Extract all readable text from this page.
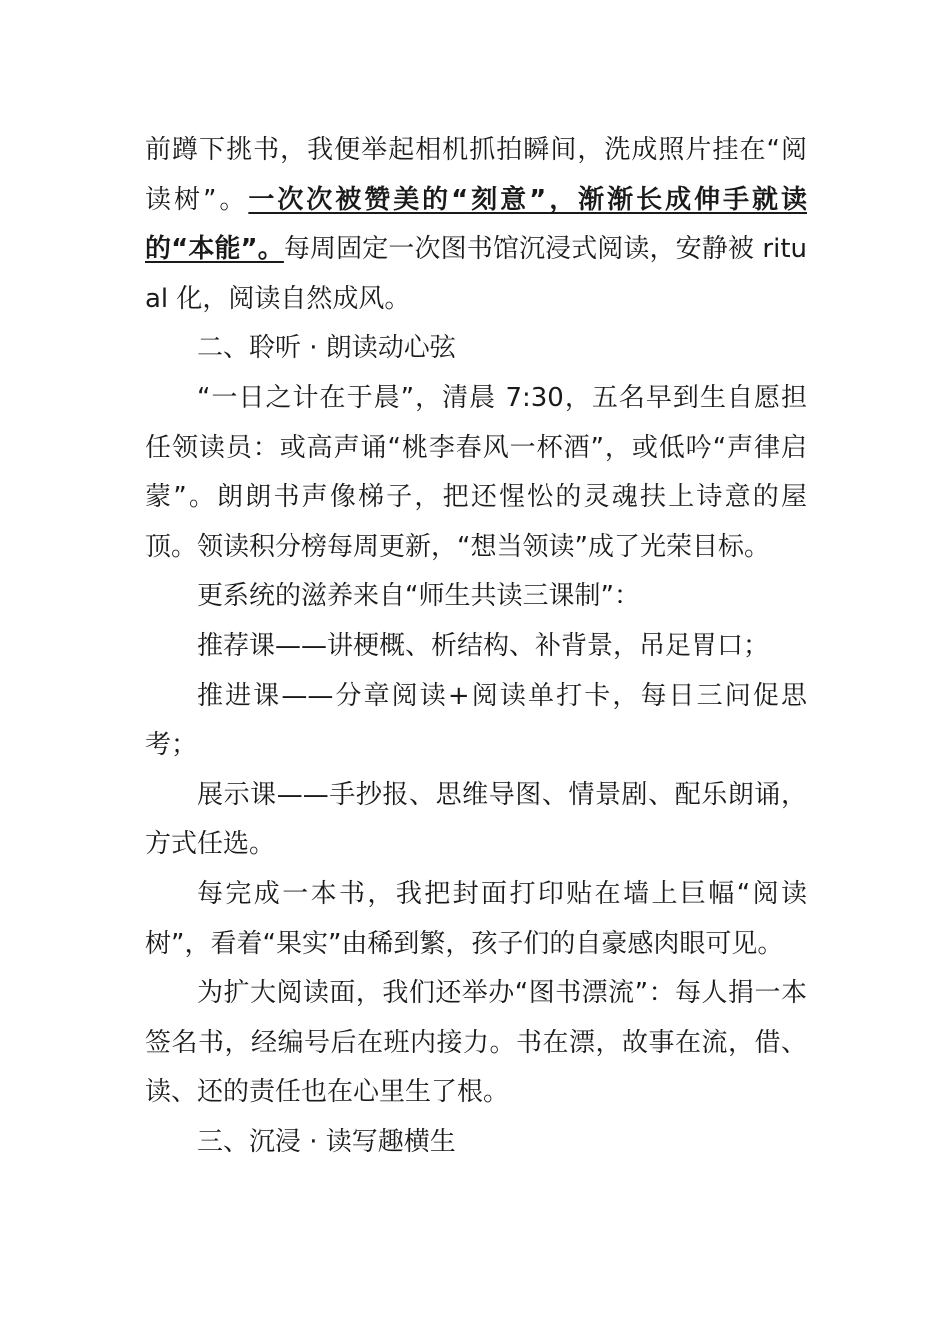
前蹲下挑书，我便举起相机抓拍瞬间，洗成照片挂在“阅读树”。一次次被赞美的“刻意”，渐渐长成伸手就读的“本能”。每周固定一次图书馆沉浸式阅读，安静被 ritual 化，阅读自然成风。

二、聆听 · 朗读动心弦

“一日之计在于晨”，清晨 7:30，五名早到生自愿担任领读员：或高声诵“桃李春风一杯酒”，或低吟“声律启蒙”。朗朗书声像梯子，把还惺忪的灵魂扶上诗意的屋顶。领读积分榜每周更新，“想当领读”成了光荣目标。

更系统的滋养来自“师生共读三课制”：

推荐课——讲梗概、析结构、补背景，吊足胃口；

推进课——分章阅读+阅读单打卡，每日三问促思考；

展示课——手抄报、思维导图、情景剧、配乐朗诵，方式任选。

每完成一本书，我把封面打印贴在墙上巨幅“阅读树”，看着“果实”由稀到繁，孩子们的自豪感肉眼可见。

为扩大阅读面，我们还举办“图书漂流”：每人捐一本签名书，经编号后在班内接力。书在漂，故事在流，借、读、还的责任也在心里生了根。

三、沉浸 · 读写趣横生
